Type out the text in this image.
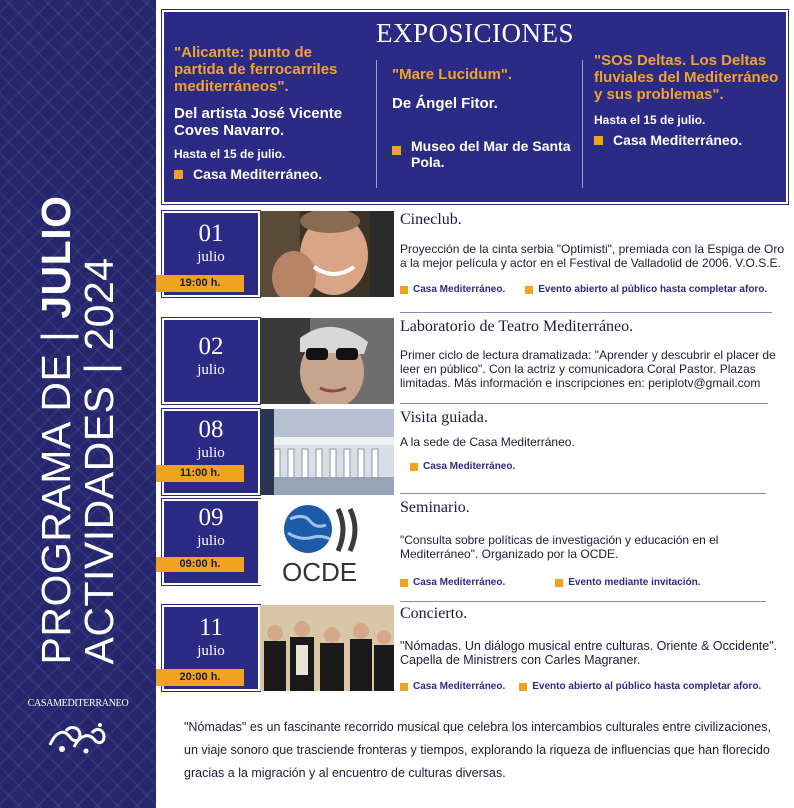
PROGRAMA DE | JULIO
ACTIVIDADES | 2024
CASAMEDITERRANEO
EXPOSICIONES
"Alicante: punto de partida de ferrocarriles mediterráneos".
Del artista José Vicente Coves Navarro.
Hasta el 15 de julio.
Casa Mediterráneo.
"Mare Lucidum".
De Ángel Fitor.
Museo del Mar de Santa Pola.
"SOS Deltas. Los Deltas fluviales del Mediterráneo y sus problemas".
Hasta el 15 de julio.
Casa Mediterráneo.
01
julio
19:00 h.
Cineclub.
Proyección de la cinta serbia "Optimisti", premiada con la Espiga de Oro a la mejor película y actor en el Festival de Valladolid de 2006. V.O.S.E.
Casa Mediterráneo.	Evento abierto al público hasta completar aforo.
02
julio
Laboratorio de Teatro Mediterráneo.
Primer ciclo de lectura dramatizada: "Aprender y descubrir el placer de leer en público". Con la actriz y comunicadora Coral Pastor. Plazas limitadas. Más información e inscripciones en: periplotv@gmail.com
08
julio
11:00 h.
Visita guiada.
A la sede de Casa Mediterráneo.
Casa Mediterráneo.
09
julio
09:00 h.	OCDE
Seminario.
"Consulta sobre políticas de investigación y educación en el Mediterráneo". Organizado por la OCDE.
Casa Mediterráneo.	Evento mediante invitación.
11
julio
20:00 h.
Concierto.
"Nómadas. Un diálogo musical entre culturas. Oriente & Occidente". Capella de Ministrers con Carles Magraner.
Casa Mediterráneo.	Evento abierto al público hasta completar aforo.
"Nómadas" es un fascinante recorrido musical que celebra los intercambios culturales entre civilizaciones, un viaje sonoro que trasciende fronteras y tiempos, explorando la riqueza de influencias que han florecido gracias a la migración y al encuentro de culturas diversas.
